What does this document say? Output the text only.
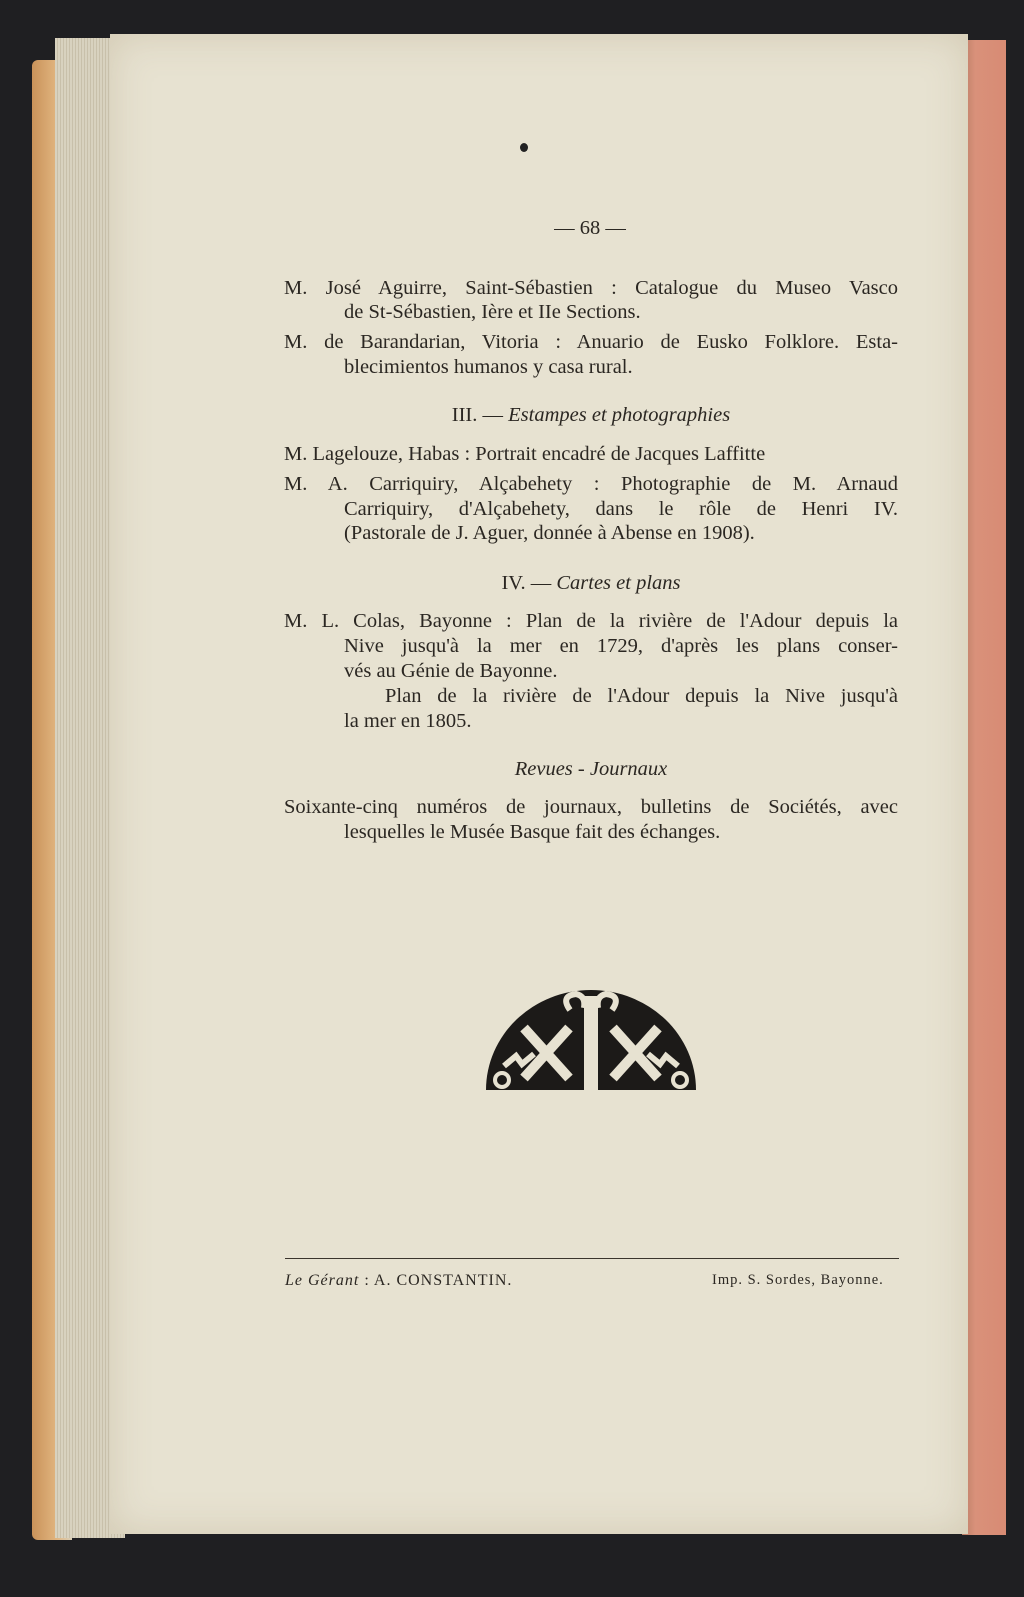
— 68 —
M. José Aguirre, Saint-Sébastien : Catalogue du Museo Vasco
de St-Sébastien, Ière et IIe Sections.
M. de Barandarian, Vitoria : Anuario de Eusko Folklore. Esta-
blecimientos humanos y casa rural.
III. — Estampes et photographies
M. Lagelouze, Habas : Portrait encadré de Jacques Laffitte
M. A. Carriquiry, Alçabehety : Photographie de M. Arnaud
Carriquiry, d'Alçabehety, dans le rôle de Henri IV.
(Pastorale de J. Aguer, donnée à Abense en 1908).
IV. — Cartes et plans
M. L. Colas, Bayonne : Plan de la rivière de l'Adour depuis la
Nive jusqu'à la mer en 1729, d'après les plans conser-
vés au Génie de Bayonne.
Plan de la rivière de l'Adour depuis la Nive jusqu'à
la mer en 1805.
Revues - Journaux
Soixante-cinq numéros de journaux, bulletins de Sociétés, avec
lesquelles le Musée Basque fait des échanges.
Le Gérant : A. CONSTANTIN.	Imp. S. Sordes, Bayonne.
